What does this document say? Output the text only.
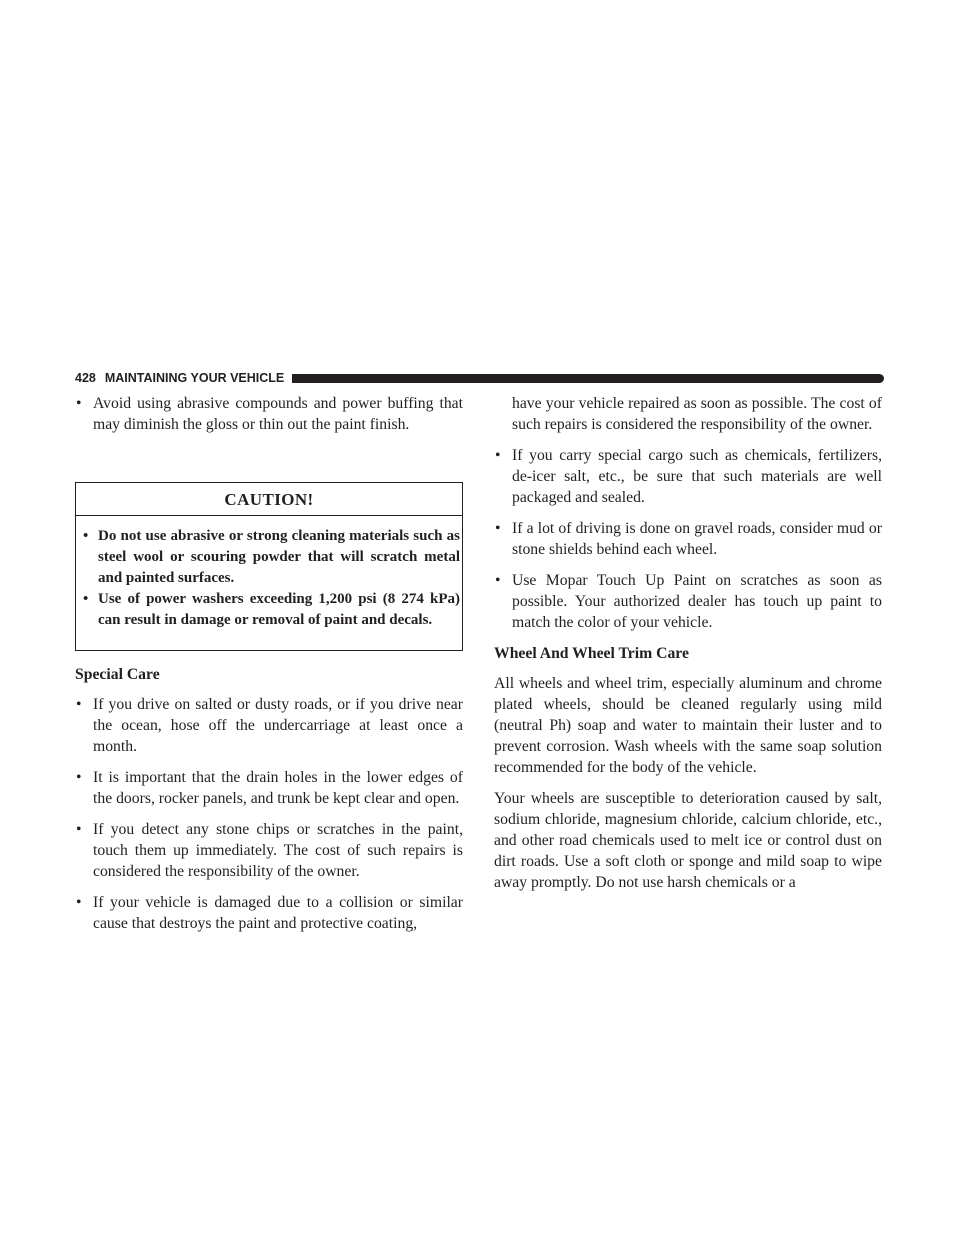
428 MAINTAINING YOUR VEHICLE

• Avoid using abrasive compounds and power buffing that may diminish the gloss or thin out the paint finish.

CAUTION!

• Do not use abrasive or strong cleaning materials such as steel wool or scouring powder that will scratch metal and painted surfaces.

• Use of power washers exceeding 1,200 psi (8 274 kPa) can result in damage or removal of paint and decals.

Special Care

• If you drive on salted or dusty roads, or if you drive near the ocean, hose off the undercarriage at least once a month.

• It is important that the drain holes in the lower edges of the doors, rocker panels, and trunk be kept clear and open.

• If you detect any stone chips or scratches in the paint, touch them up immediately. The cost of such repairs is considered the responsibility of the owner.

• If your vehicle is damaged due to a collision or similar cause that destroys the paint and protective coating,

have your vehicle repaired as soon as possible. The cost of such repairs is considered the responsibility of the owner.

• If you carry special cargo such as chemicals, fertilizers, de-icer salt, etc., be sure that such materials are well packaged and sealed.

• If a lot of driving is done on gravel roads, consider mud or stone shields behind each wheel.

• Use Mopar Touch Up Paint on scratches as soon as possible. Your authorized dealer has touch up paint to match the color of your vehicle.

Wheel And Wheel Trim Care

All wheels and wheel trim, especially aluminum and chrome plated wheels, should be cleaned regularly using mild (neutral Ph) soap and water to maintain their luster and to prevent corrosion. Wash wheels with the same soap solution recommended for the body of the vehicle.

Your wheels are susceptible to deterioration caused by salt, sodium chloride, magnesium chloride, calcium chloride, etc., and other road chemicals used to melt ice or control dust on dirt roads. Use a soft cloth or sponge and mild soap to wipe away promptly. Do not use harsh chemicals or a
